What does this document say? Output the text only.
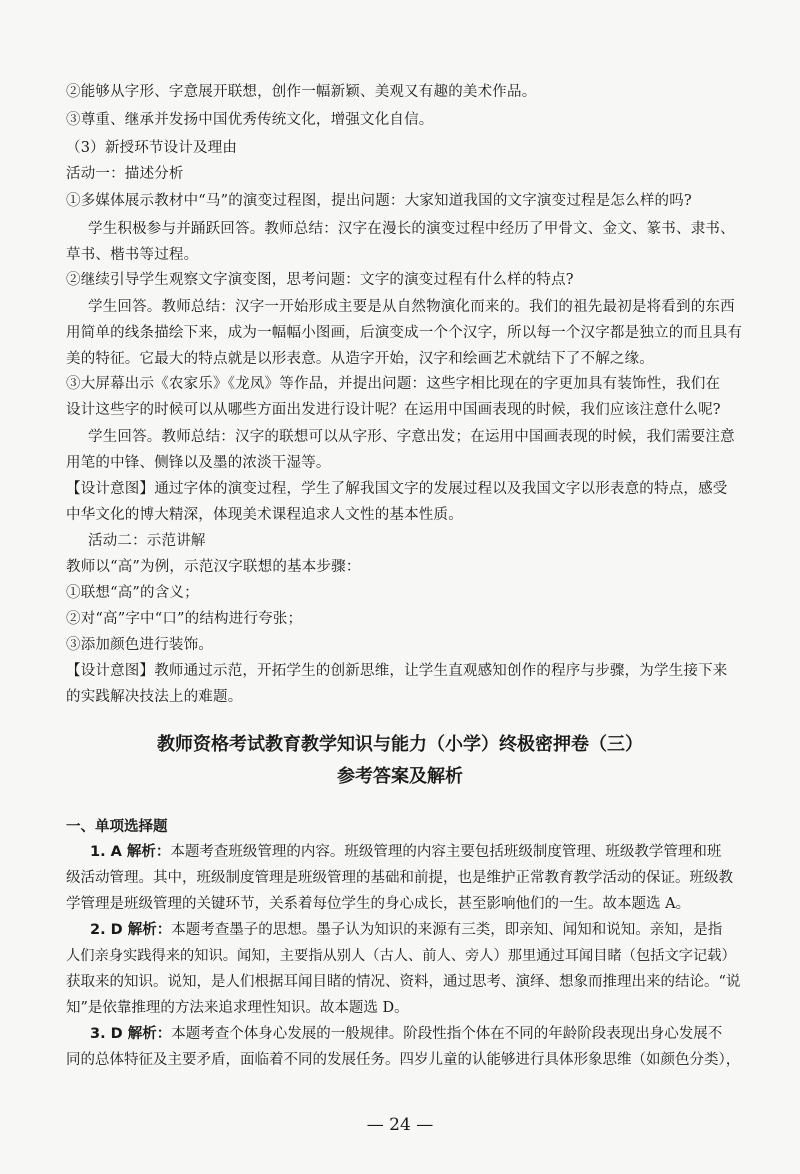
②能够从字形、字意展开联想，创作一幅新颖、美观又有趣的美术作品。

③尊重、继承并发扬中国优秀传统文化，增强文化自信。

（3）新授环节设计及理由

活动一：描述分析

①多媒体展示教材中“马”的演变过程图，提出问题：大家知道我国的文字演变过程是怎么样的吗?

学生积极参与并踊跃回答。教师总结：汉字在漫长的演变过程中经历了甲骨文、金文、篆书、隶书、

草书、楷书等过程。

②继续引导学生观察文字演变图，思考问题：文字的演变过程有什么样的特点?

学生回答。教师总结：汉字一开始形成主要是从自然物演化而来的。我们的祖先最初是将看到的东西

用简单的线条描绘下来，成为一幅幅小图画，后演变成一个个汉字，所以每一个汉字都是独立的而且具有

美的特征。它最大的特点就是以形表意。从造字开始，汉字和绘画艺术就结下了不解之缘。

③大屏幕出示《农家乐》《龙凤》等作品，并提出问题：这些字相比现在的字更加具有装饰性，我们在

设计这些字的时候可以从哪些方面出发进行设计呢？在运用中国画表现的时候，我们应该注意什么呢?

学生回答。教师总结：汉字的联想可以从字形、字意出发；在运用中国画表现的时候，我们需要注意

用笔的中锋、侧锋以及墨的浓淡干湿等。

【设计意图】通过字体的演变过程，学生了解我国文字的发展过程以及我国文字以形表意的特点，感受

中华文化的博大精深，体现美术课程追求人文性的基本性质。

活动二：示范讲解

教师以“高”为例，示范汉字联想的基本步骤：

①联想“高”的含义；

②对“高”字中“口”的结构进行夸张；

③添加颜色进行装饰。

【设计意图】教师通过示范，开拓学生的创新思维，让学生直观感知创作的程序与步骤，为学生接下来

的实践解决技法上的难题。

教师资格考试教育教学知识与能力（小学）终极密押卷（三）
参考答案及解析

一、单项选择题

1. A 解析：本题考查班级管理的内容。班级管理的内容主要包括班级制度管理、班级教学管理和班

级活动管理。其中，班级制度管理是班级管理的基础和前提，也是维护正常教育教学活动的保证。班级教

学管理是班级管理的关键环节，关系着每位学生的身心成长，甚至影响他们的一生。故本题选 A。

2. D 解析：本题考查墨子的思想。墨子认为知识的来源有三类，即亲知、闻知和说知。亲知，是指

人们亲身实践得来的知识。闻知，主要指从别人（古人、前人、旁人）那里通过耳闻目睹（包括文字记载）

获取来的知识。说知，是人们根据耳闻目睹的情况、资料，通过思考、演绎、想象而推理出来的结论。“说

知”是依靠推理的方法来追求理性知识。故本题选 D。

3. D 解析：本题考查个体身心发展的一般规律。阶段性指个体在不同的年龄阶段表现出身心发展不

同的总体特征及主要矛盾，面临着不同的发展任务。四岁儿童的认能够进行具体形象思维（如颜色分类），

— 24 —
